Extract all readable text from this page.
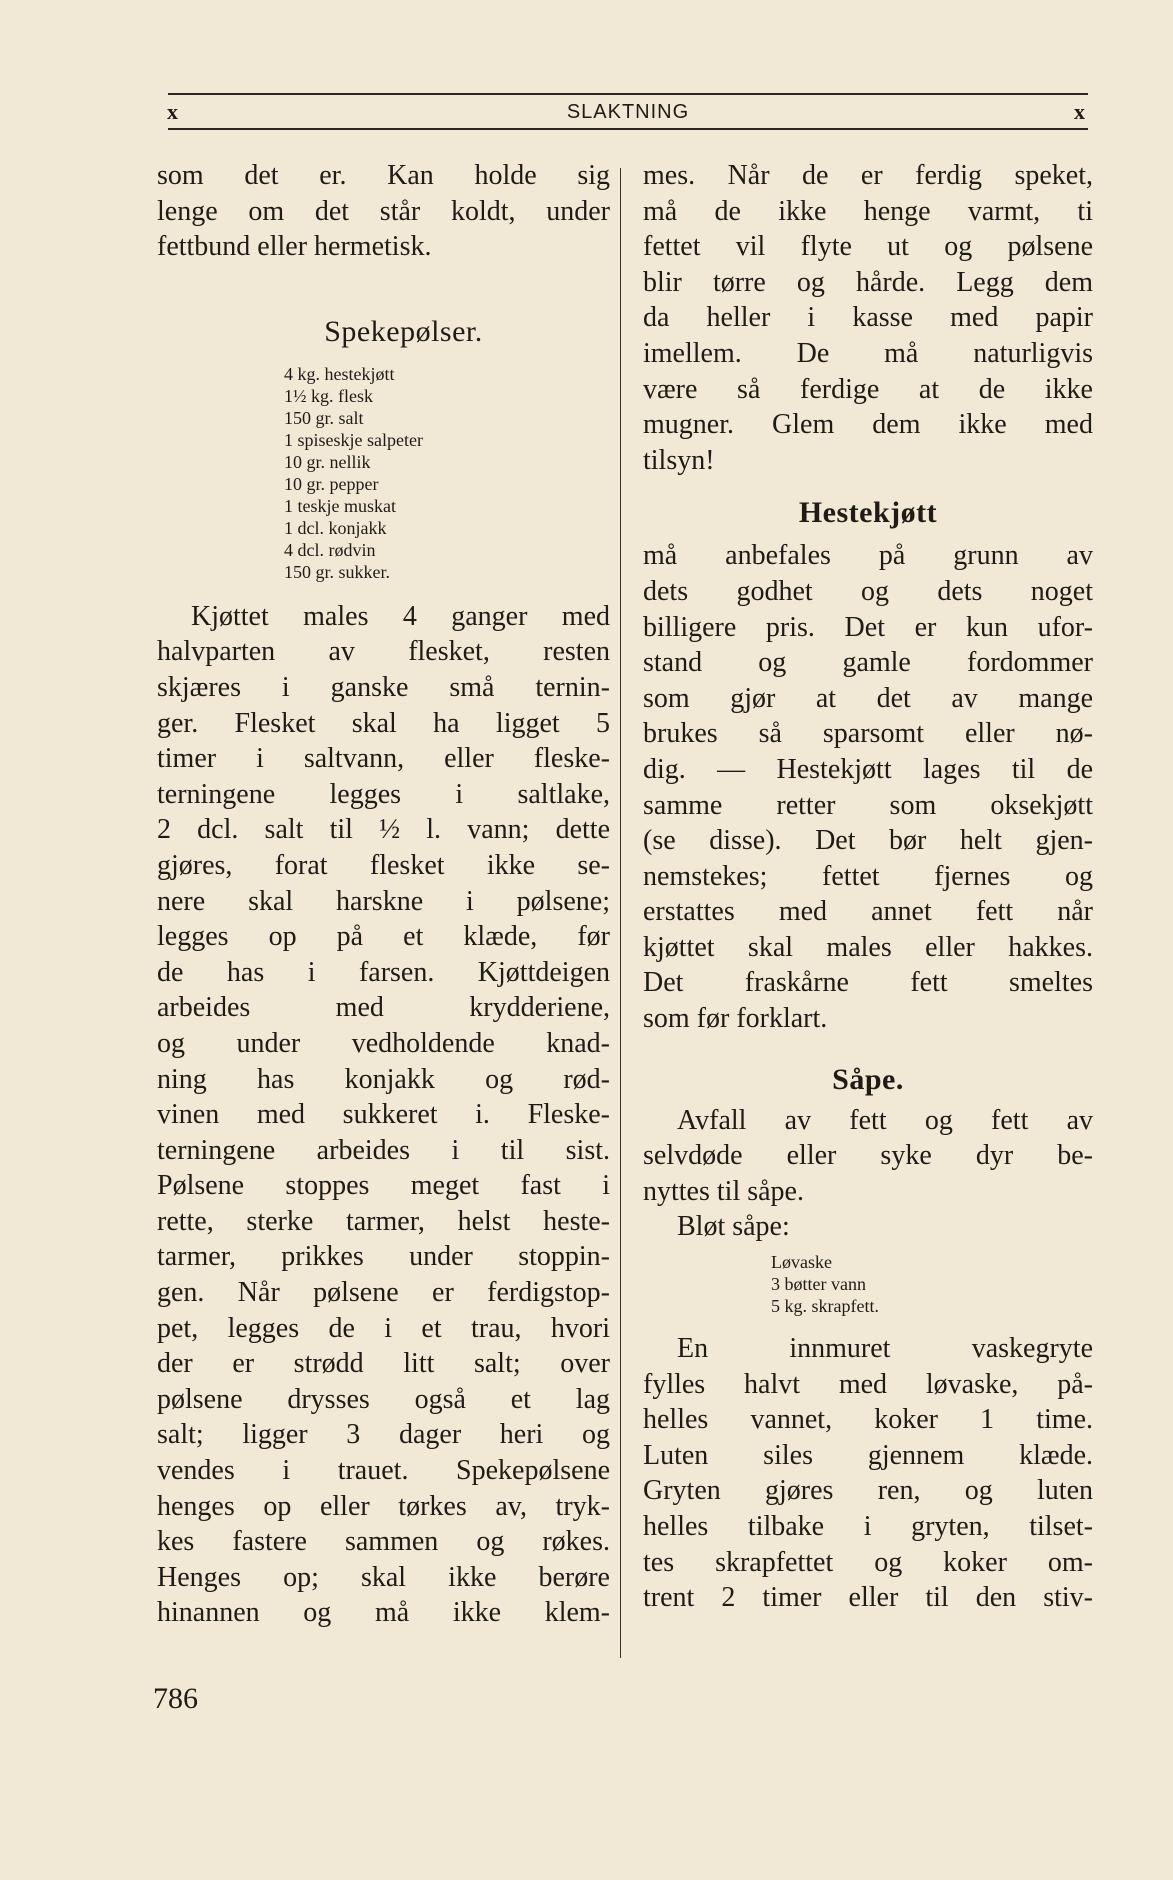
x	SLAKTNING	x
som det er. Kan holde sig
lenge om det står koldt, under
fettbund eller hermetisk.
Spekepølser.
4 kg. hestekjøtt
1½ kg. flesk
150 gr. salt
1 spiseskje salpeter
10 gr. nellik
10 gr. pepper
1 teskje muskat
1 dcl. konjakk
4 dcl. rødvin
150 gr. sukker.
Kjøttet males 4 ganger med
halvparten av flesket, resten
skjæres i ganske små ternin-
ger. Flesket skal ha ligget 5
timer i saltvann, eller fleske-
terningene legges i saltlake,
2 dcl. salt til ½ l. vann; dette
gjøres, forat flesket ikke se-
nere skal harskne i pølsene;
legges op på et klæde, før
de has i farsen. Kjøttdeigen
arbeides med krydderiene,
og under vedholdende knad-
ning has konjakk og rød-
vinen med sukkeret i. Fleske-
terningene arbeides i til sist.
Pølsene stoppes meget fast i
rette, sterke tarmer, helst heste-
tarmer, prikkes under stoppin-
gen. Når pølsene er ferdigstop-
pet, legges de i et trau, hvori
der er strødd litt salt; over
pølsene drysses også et lag
salt; ligger 3 dager heri og
vendes i trauet. Spekepølsene
henges op eller tørkes av, tryk-
kes fastere sammen og røkes.
Henges op; skal ikke berøre
hinannen og må ikke klem-
mes. Når de er ferdig speket,
må de ikke henge varmt, ti
fettet vil flyte ut og pølsene
blir tørre og hårde. Legg dem
da heller i kasse med papir
imellem. De må naturligvis
være så ferdige at de ikke
mugner. Glem dem ikke med
tilsyn!
Hestekjøtt
må anbefales på grunn av
dets godhet og dets noget
billigere pris. Det er kun ufor-
stand og gamle fordommer
som gjør at det av mange
brukes så sparsomt eller nø-
dig. — Hestekjøtt lages til de
samme retter som oksekjøtt
(se disse). Det bør helt gjen-
nemstekes; fettet fjernes og
erstattes med annet fett når
kjøttet skal males eller hakkes.
Det fraskårne fett smeltes
som før forklart.
Såpe.
Avfall av fett og fett av
selvdøde eller syke dyr be-
nyttes til såpe.
Bløt såpe:
Løvaske
3 bøtter vann
5 kg. skrapfett.
En innmuret vaskegryte
fylles halvt med løvaske, på-
helles vannet, koker 1 time.
Luten siles gjennem klæde.
Gryten gjøres ren, og luten
helles tilbake i gryten, tilset-
tes skrapfettet og koker om-
trent 2 timer eller til den stiv-
786
